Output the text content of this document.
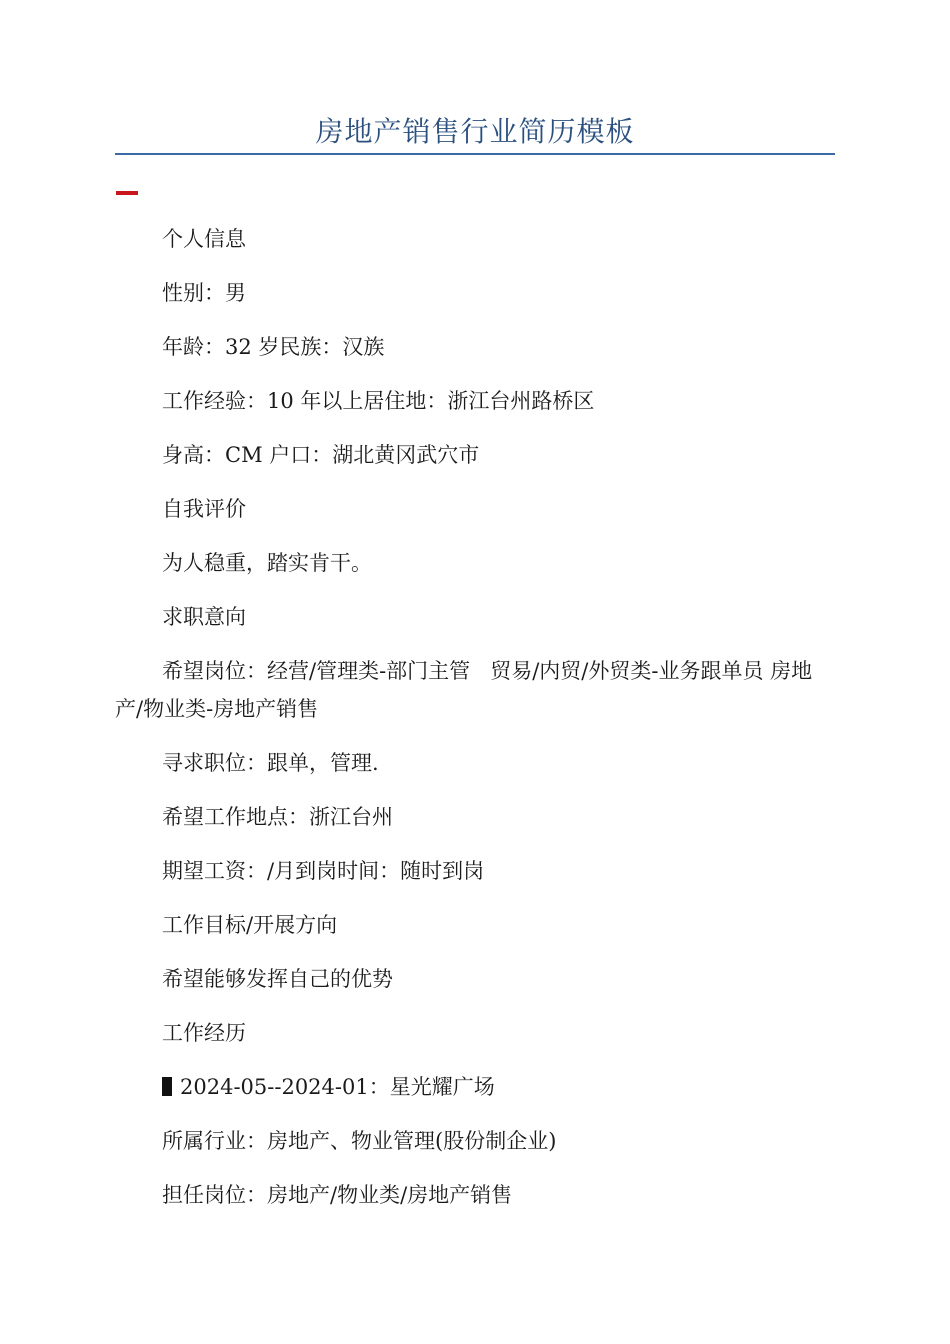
房地产销售行业简历模板

个人信息

性别：男

年龄：32 岁民族：汉族

工作经验：10 年以上居住地：浙江台州路桥区

身高：CM 户口：湖北黄冈武穴市

自我评价

为人稳重，踏实肯干。

求职意向

希望岗位：经营/管理类-部门主管   贸易/内贸/外贸类-业务跟单员 房地产/物业类-房地产销售

寻求职位：跟单，管理.

希望工作地点：浙江台州

期望工资：/月到岗时间：随时到岗

工作目标/开展方向

希望能够发挥自己的优势

工作经历

2024-05--2024-01：星光耀广场

所属行业：房地产、物业管理(股份制企业)

担任岗位：房地产/物业类/房地产销售
